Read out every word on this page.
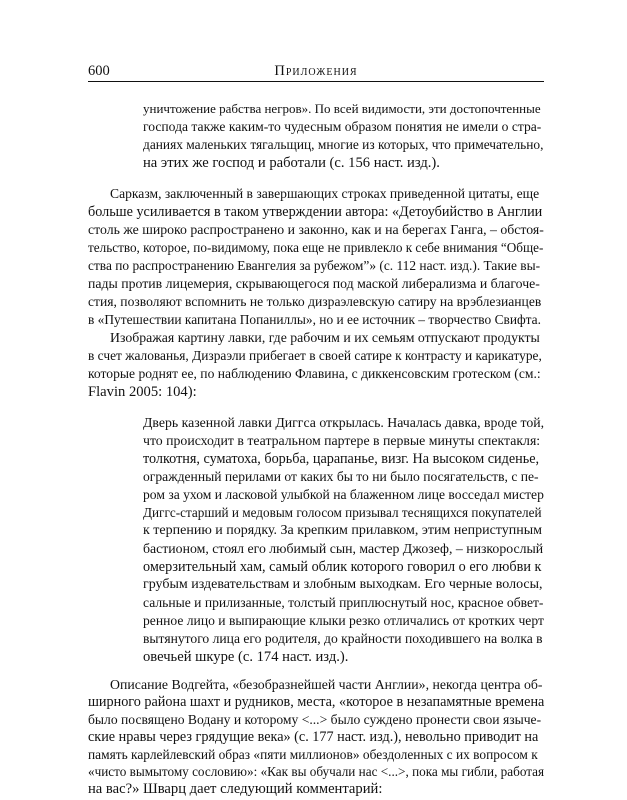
600	Приложения
уничтожение рабства негров». По всей видимости, эти достопочтенные
господа также каким-то чудесным образом понятия не имели о стра-
даниях маленьких тягальщиц, многие из которых, что примечательно,
на этих же господ и работали (с. 156 наст. изд.).
Сарказм, заключенный в завершающих строках приведенной цитаты, еще
больше усиливается в таком утверждении автора: «Детоубийство в Англии
столь же широко распространено и законно, как и на берегах Ганга, – обстоя-
тельство, которое, по-видимому, пока еще не привлекло к себе внимания “Обще-
ства по распространению Евангелия за рубежом”» (с. 112 наст. изд.). Такие вы-
пады против лицемерия, скрывающегося под маской либерализма и благоче-
стия, позволяют вспомнить не только дизраэлевскую сатиру на врэблезианцев
в «Путешествии капитана Попаниллы», но и ее источник – творчество Свифта.
Изображая картину лавки, где рабочим и их семьям отпускают продукты
в счет жалованья, Дизраэли прибегает в своей сатире к контрасту и карикатуре,
которые роднят ее, по наблюдению Флавина, с диккенсовским гротеском (см.:
Flavin 2005: 104):
Дверь казенной лавки Диггса открылась. Началась давка, вроде той,
что происходит в театральном партере в первые минуты спектакля:
толкотня, суматоха, борьба, царапанье, визг. На высоком сиденье,
огражденный перилами от каких бы то ни было посягательств, с пе-
ром за ухом и ласковой улыбкой на блаженном лице восседал мистер
Диггс-старший и медовым голосом призывал теснящихся покупателей
к терпению и порядку. За крепким прилавком, этим неприступным
бастионом, стоял его любимый сын, мастер Джозеф, – низкорослый
омерзительный хам, самый облик которого говорил о его любви к
грубым издевательствам и злобным выходкам. Его черные волосы,
сальные и прилизанные, толстый приплюснутый нос, красное обвет-
ренное лицо и выпирающие клыки резко отличались от кротких черт
вытянутого лица его родителя, до крайности походившего на волка в
овечьей шкуре (с. 174 наст. изд.).
Описание Водгейта, «безобразнейшей части Англии», некогда центра об-
ширного района шахт и рудников, места, «которое в незапамятные времена
было посвящено Водану и которому <...> было суждено пронести свои языче-
ские нравы через грядущие века» (с. 177 наст. изд.), невольно приводит на
память карлейлевский образ «пяти миллионов» обездоленных с их вопросом к
«чисто вымытому сословию»: «Как вы обучали нас <...>, пока мы гибли, работая
на вас?» Шварц дает следующий комментарий:
